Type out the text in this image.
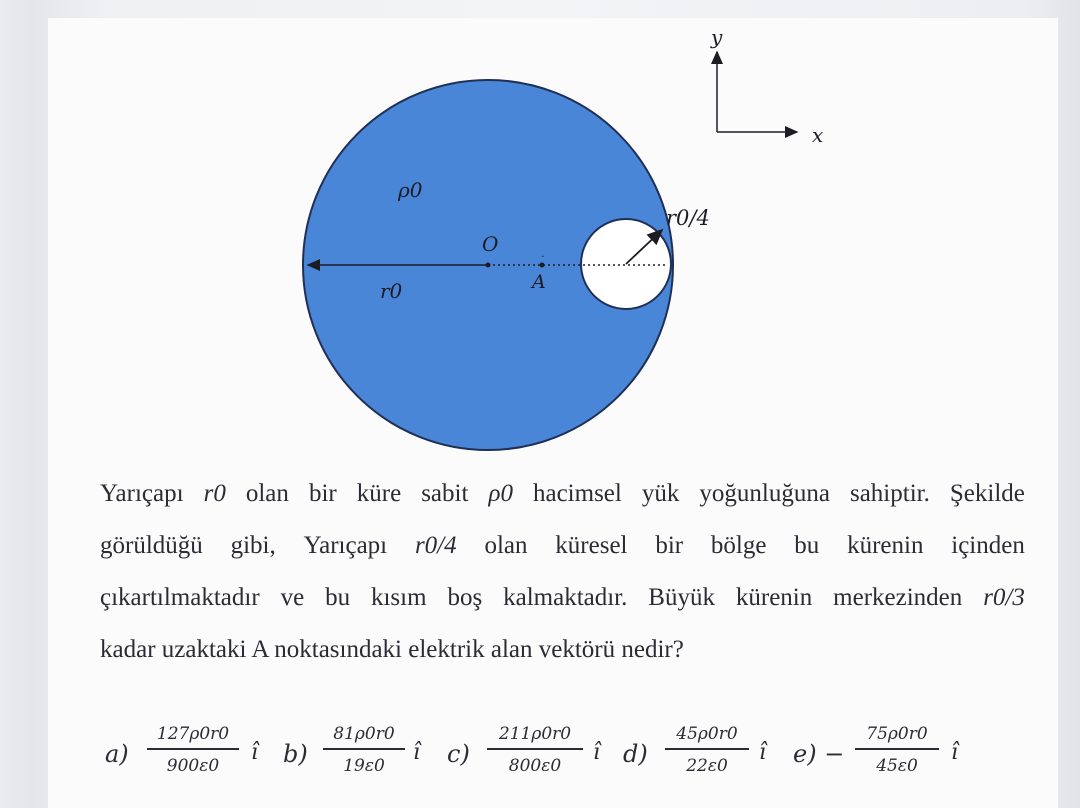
·
ρ0
O
A
r0
r0/4
y
x
Yarıçapı r0 olan bir küre sabit ρ0 hacimsel yük yoğunluğuna sahiptir. Şekilde
görüldüğü gibi, Yarıçapı r0/4 olan küresel bir bölge bu kürenin içinden
çıkartılmaktadır ve bu kısım boş kalmaktadır. Büyük kürenin merkezinden r0/3
kadar uzaktaki A noktasındaki elektrik alan vektörü nedir?
a)
127ρ0r0
900ε0
î b)
81ρ0r0
19ε0
î c)
211ρ0r0
800ε0
î d)
45ρ0r0
22ε0
î e) −
75ρ0r0
45ε0
î
